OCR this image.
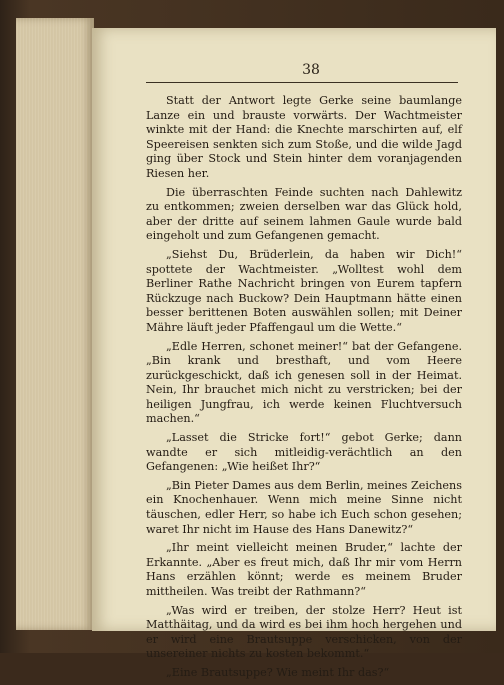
38

Statt der Antwort legte Gerke seine baumlange Lanze ein und brauste vorwärts. Der Wachtmeister winkte mit der Hand: die Knechte marschirten auf, elf Speereisen senkten sich zum Stoße, und die wilde Jagd ging über Stock und Stein hinter dem voranjagenden Riesen her.

Die überraschten Feinde suchten nach Dahlewitz zu entkommen; zweien derselben war das Glück hold, aber der dritte auf seinem lahmen Gaule wurde bald eingeholt und zum Gefangenen gemacht.

„Siehst Du, Brüderlein, da haben wir Dich!“ spottete der Wachtmeister. „Wolltest wohl dem Berliner Rathe Nachricht bringen von Eurem tapfern Rückzuge nach Buckow? Dein Hauptmann hätte einen besser berittenen Boten auswählen sollen; mit Deiner Mähre läuft jeder Pfaffengaul um die Wette.“

„Edle Herren, schonet meiner!“ bat der Gefangene. „Bin krank und bresthaft, und vom Heere zurückgeschickt, daß ich genesen soll in der Heimat. Nein, Ihr brauchet mich nicht zu verstricken; bei der heiligen Jungfrau, ich werde keinen Fluchtversuch machen.“

„Lasset die Stricke fort!“ gebot Gerke; dann wandte er sich mitleidig-verächtlich an den Gefangenen: „Wie heißet Ihr?“

„Bin Pieter Dames aus dem Berlin, meines Zeichens ein Knochenhauer. Wenn mich meine Sinne nicht täuschen, edler Herr, so habe ich Euch schon gesehen; waret Ihr nicht im Hause des Hans Danewitz?“

„Ihr meint vielleicht meinen Bruder,“ lachte der Erkannte. „Aber es freut mich, daß Ihr mir vom Herrn Hans erzählen könnt; werde es meinem Bruder mittheilen. Was treibt der Rathmann?“

„Was wird er treiben, der stolze Herr? Heut ist Matthäitag, und da wird es bei ihm hoch hergehen und er wird eine Brautsuppe verschicken, von der unsereiner nichts zu kosten bekommt.“

„Eine Brautsuppe? Wie meint Ihr das?“
